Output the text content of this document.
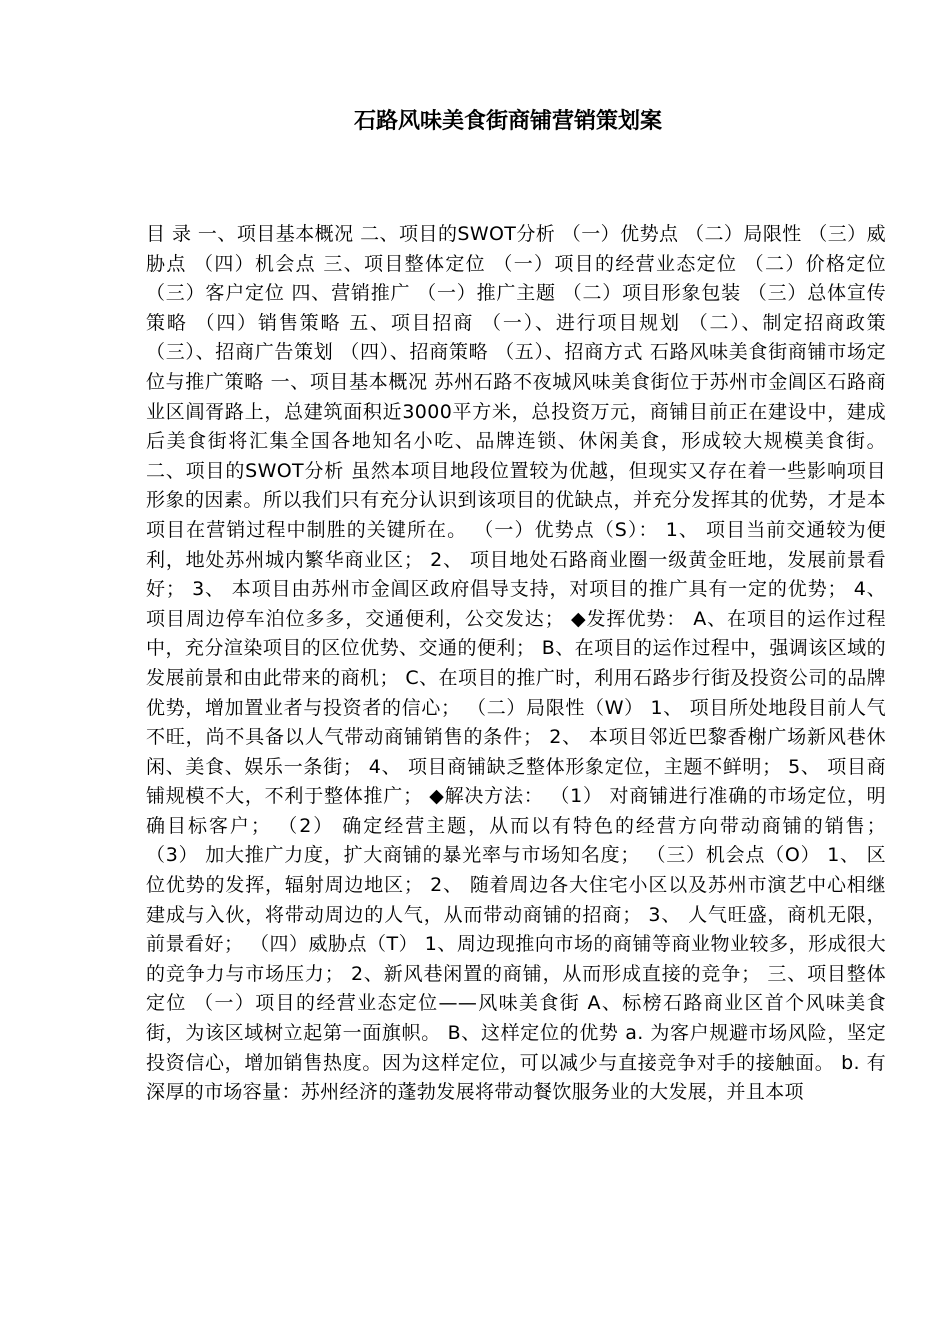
石路风味美食街商铺营销策划案

目 录 一、项目基本概况 二、项目的SWOT分析 （一）优势点 （二）局限性 （三）威胁点 （四）机会点 三、项目整体定位 （一）项目的经营业态定位 （二）价格定位 （三）客户定位 四、营销推广 （一）推广主题 （二）项目形象包装 （三）总体宣传策略 （四）销售策略 五、项目招商 （一）、进行项目规划 （二）、制定招商政策 （三）、招商广告策划 （四）、招商策略 （五）、招商方式 石路风味美食街商铺市场定位与推广策略 一、项目基本概况 苏州石路不夜城风味美食街位于苏州市金阊区石路商业区阊胥路上，总建筑面积近3000平方米，总投资万元，商铺目前正在建设中，建成后美食街将汇集全国各地知名小吃、品牌连锁、休闲美食，形成较大规模美食街。 二、项目的SWOT分析 虽然本项目地段位置较为优越，但现实又存在着一些影响项目形象的因素。所以我们只有充分认识到该项目的优缺点，并充分发挥其的优势，才是本项目在营销过程中制胜的关键所在。 （一）优势点（S）： 1、 项目当前交通较为便利，地处苏州城内繁华商业区； 2、 项目地处石路商业圈一级黄金旺地，发展前景看好； 3、 本项目由苏州市金阊区政府倡导支持，对项目的推广具有一定的优势； 4、 项目周边停车泊位多多，交通便利，公交发达； ◆发挥优势： A、在项目的运作过程中，充分渲染项目的区位优势、交通的便利； B、在项目的运作过程中，强调该区域的发展前景和由此带来的商机； C、在项目的推广时，利用石路步行街及投资公司的品牌优势，增加置业者与投资者的信心； （二）局限性（W） 1、 项目所处地段目前人气不旺，尚不具备以人气带动商铺销售的条件； 2、 本项目邻近巴黎香榭广场新风巷休闲、美食、娱乐一条街； 4、 项目商铺缺乏整体形象定位，主题不鲜明； 5、 项目商铺规模不大，不利于整体推广； ◆解决方法： （1） 对商铺进行准确的市场定位，明确目标客户； （2） 确定经营主题，从而以有特色的经营方向带动商铺的销售； （3） 加大推广力度，扩大商铺的暴光率与市场知名度； （三）机会点（O） 1、 区位优势的发挥，辐射周边地区； 2、 随着周边各大住宅小区以及苏州市演艺中心相继建成与入伙，将带动周边的人气，从而带动商铺的招商； 3、 人气旺盛，商机无限，前景看好； （四）威胁点（T） 1、周边现推向市场的商铺等商业物业较多，形成很大的竞争力与市场压力； 2、新风巷闲置的商铺，从而形成直接的竞争； 三、项目整体定位 （一）项目的经营业态定位——风味美食街 A、标榜石路商业区首个风味美食街，为该区域树立起第一面旗帜。 B、这样定位的优势 a. 为客户规避市场风险，坚定投资信心，增加销售热度。因为这样定位，可以减少与直接竞争对手的接触面。 b. 有深厚的市场容量：苏州经济的蓬勃发展将带动餐饮服务业的大发展，并且本项
